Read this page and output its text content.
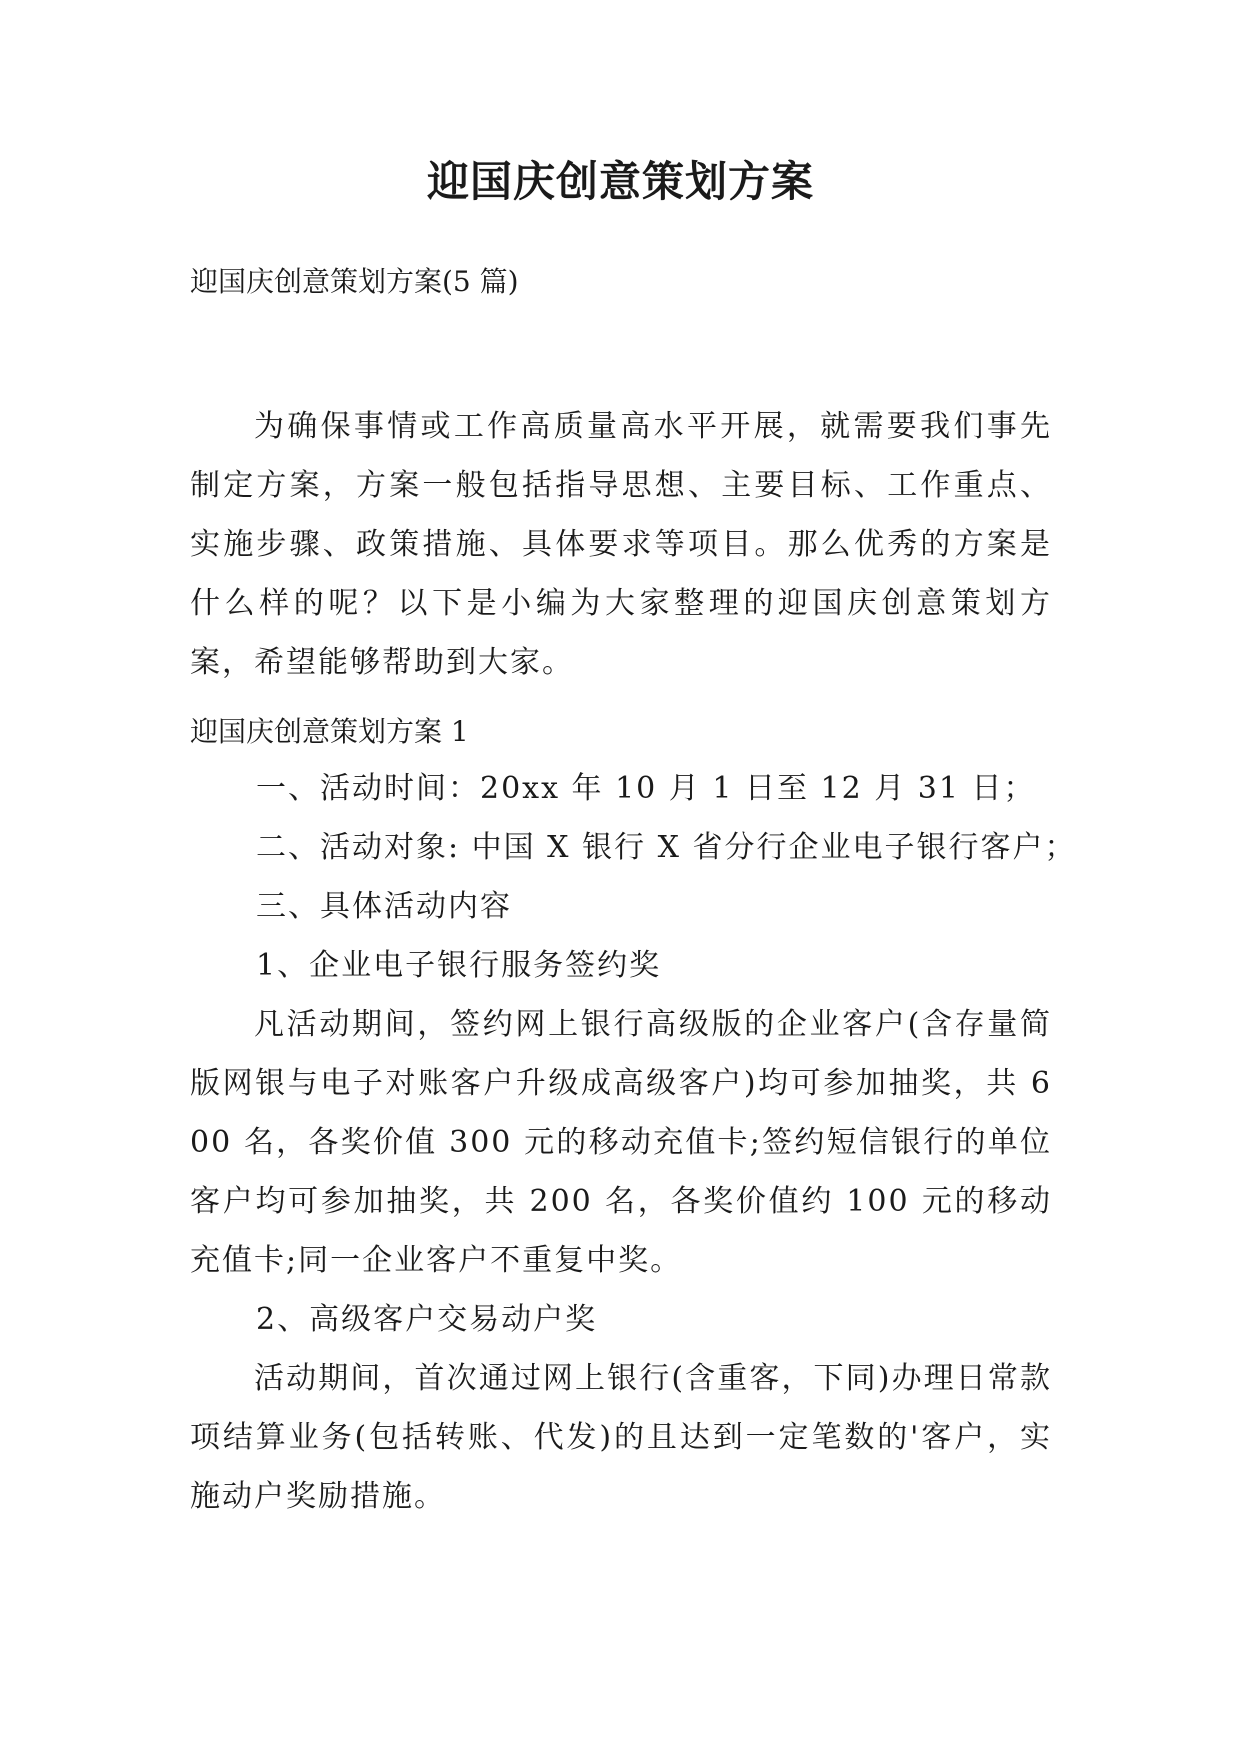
迎国庆创意策划方案
迎国庆创意策划方案(5 篇)
为确保事情或工作高质量高水平开展，就需要我们事先制定方案，方案一般包括指导思想、主要目标、工作重点、实施步骤、政策措施、具体要求等项目。那么优秀的方案是什么样的呢？以下是小编为大家整理的迎国庆创意策划方案，希望能够帮助到大家。
迎国庆创意策划方案 1
一、活动时间：20xx 年 10 月 1 日至 12 月 31 日；
二、活动对象: 中国 X 银行 X 省分行企业电子银行客户；
三、具体活动内容
1、企业电子银行服务签约奖
凡活动期间，签约网上银行高级版的企业客户(含存量简版网银与电子对账客户升级成高级客户)均可参加抽奖，共 600 名，各奖价值 300 元的移动充值卡;签约短信银行的单位客户均可参加抽奖，共 200 名，各奖价值约 100 元的移动充值卡;同一企业客户不重复中奖。
2、高级客户交易动户奖
活动期间，首次通过网上银行(含重客，下同)办理日常款项结算业务(包括转账、代发)的且达到一定笔数的'客户，实施动户奖励措施。
